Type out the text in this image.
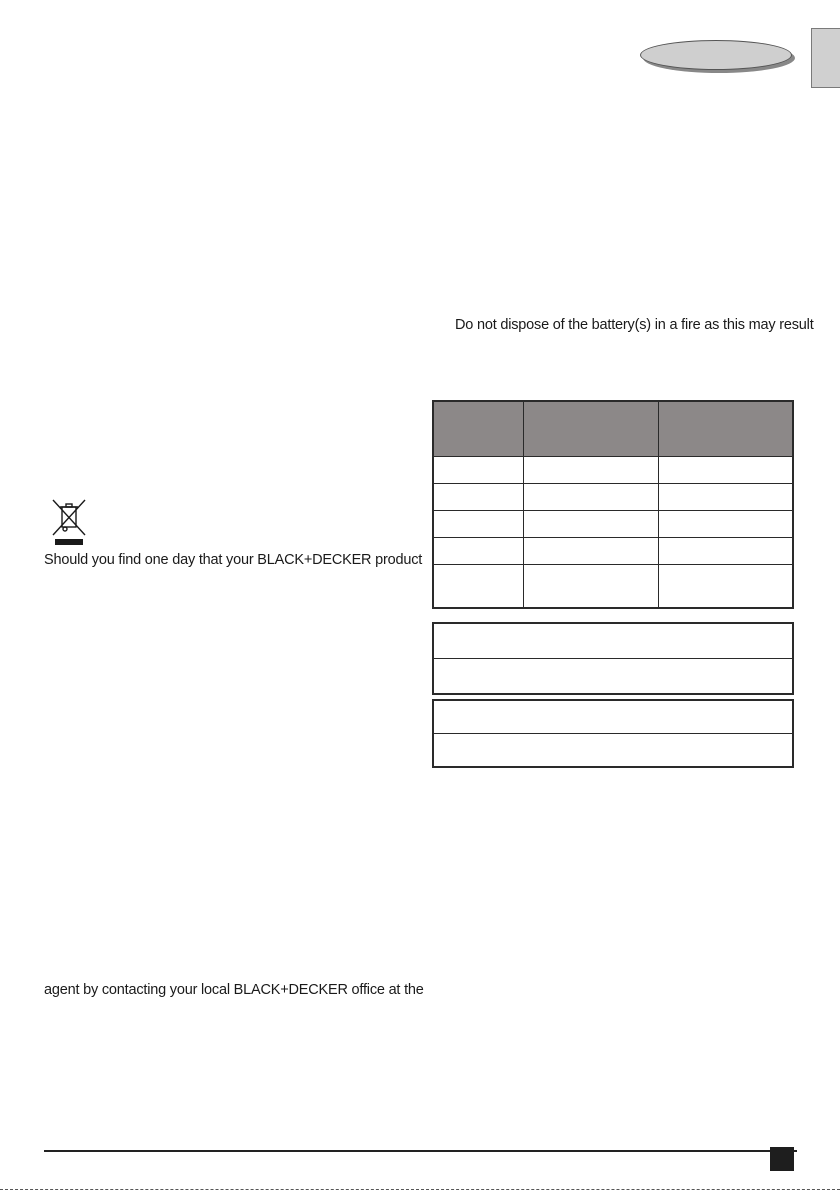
Do not dispose of the battery(s) in a fire as this may result
Should you find one day that your BLACK+DECKER product

agent by contacting your local BLACK+DECKER office at the
